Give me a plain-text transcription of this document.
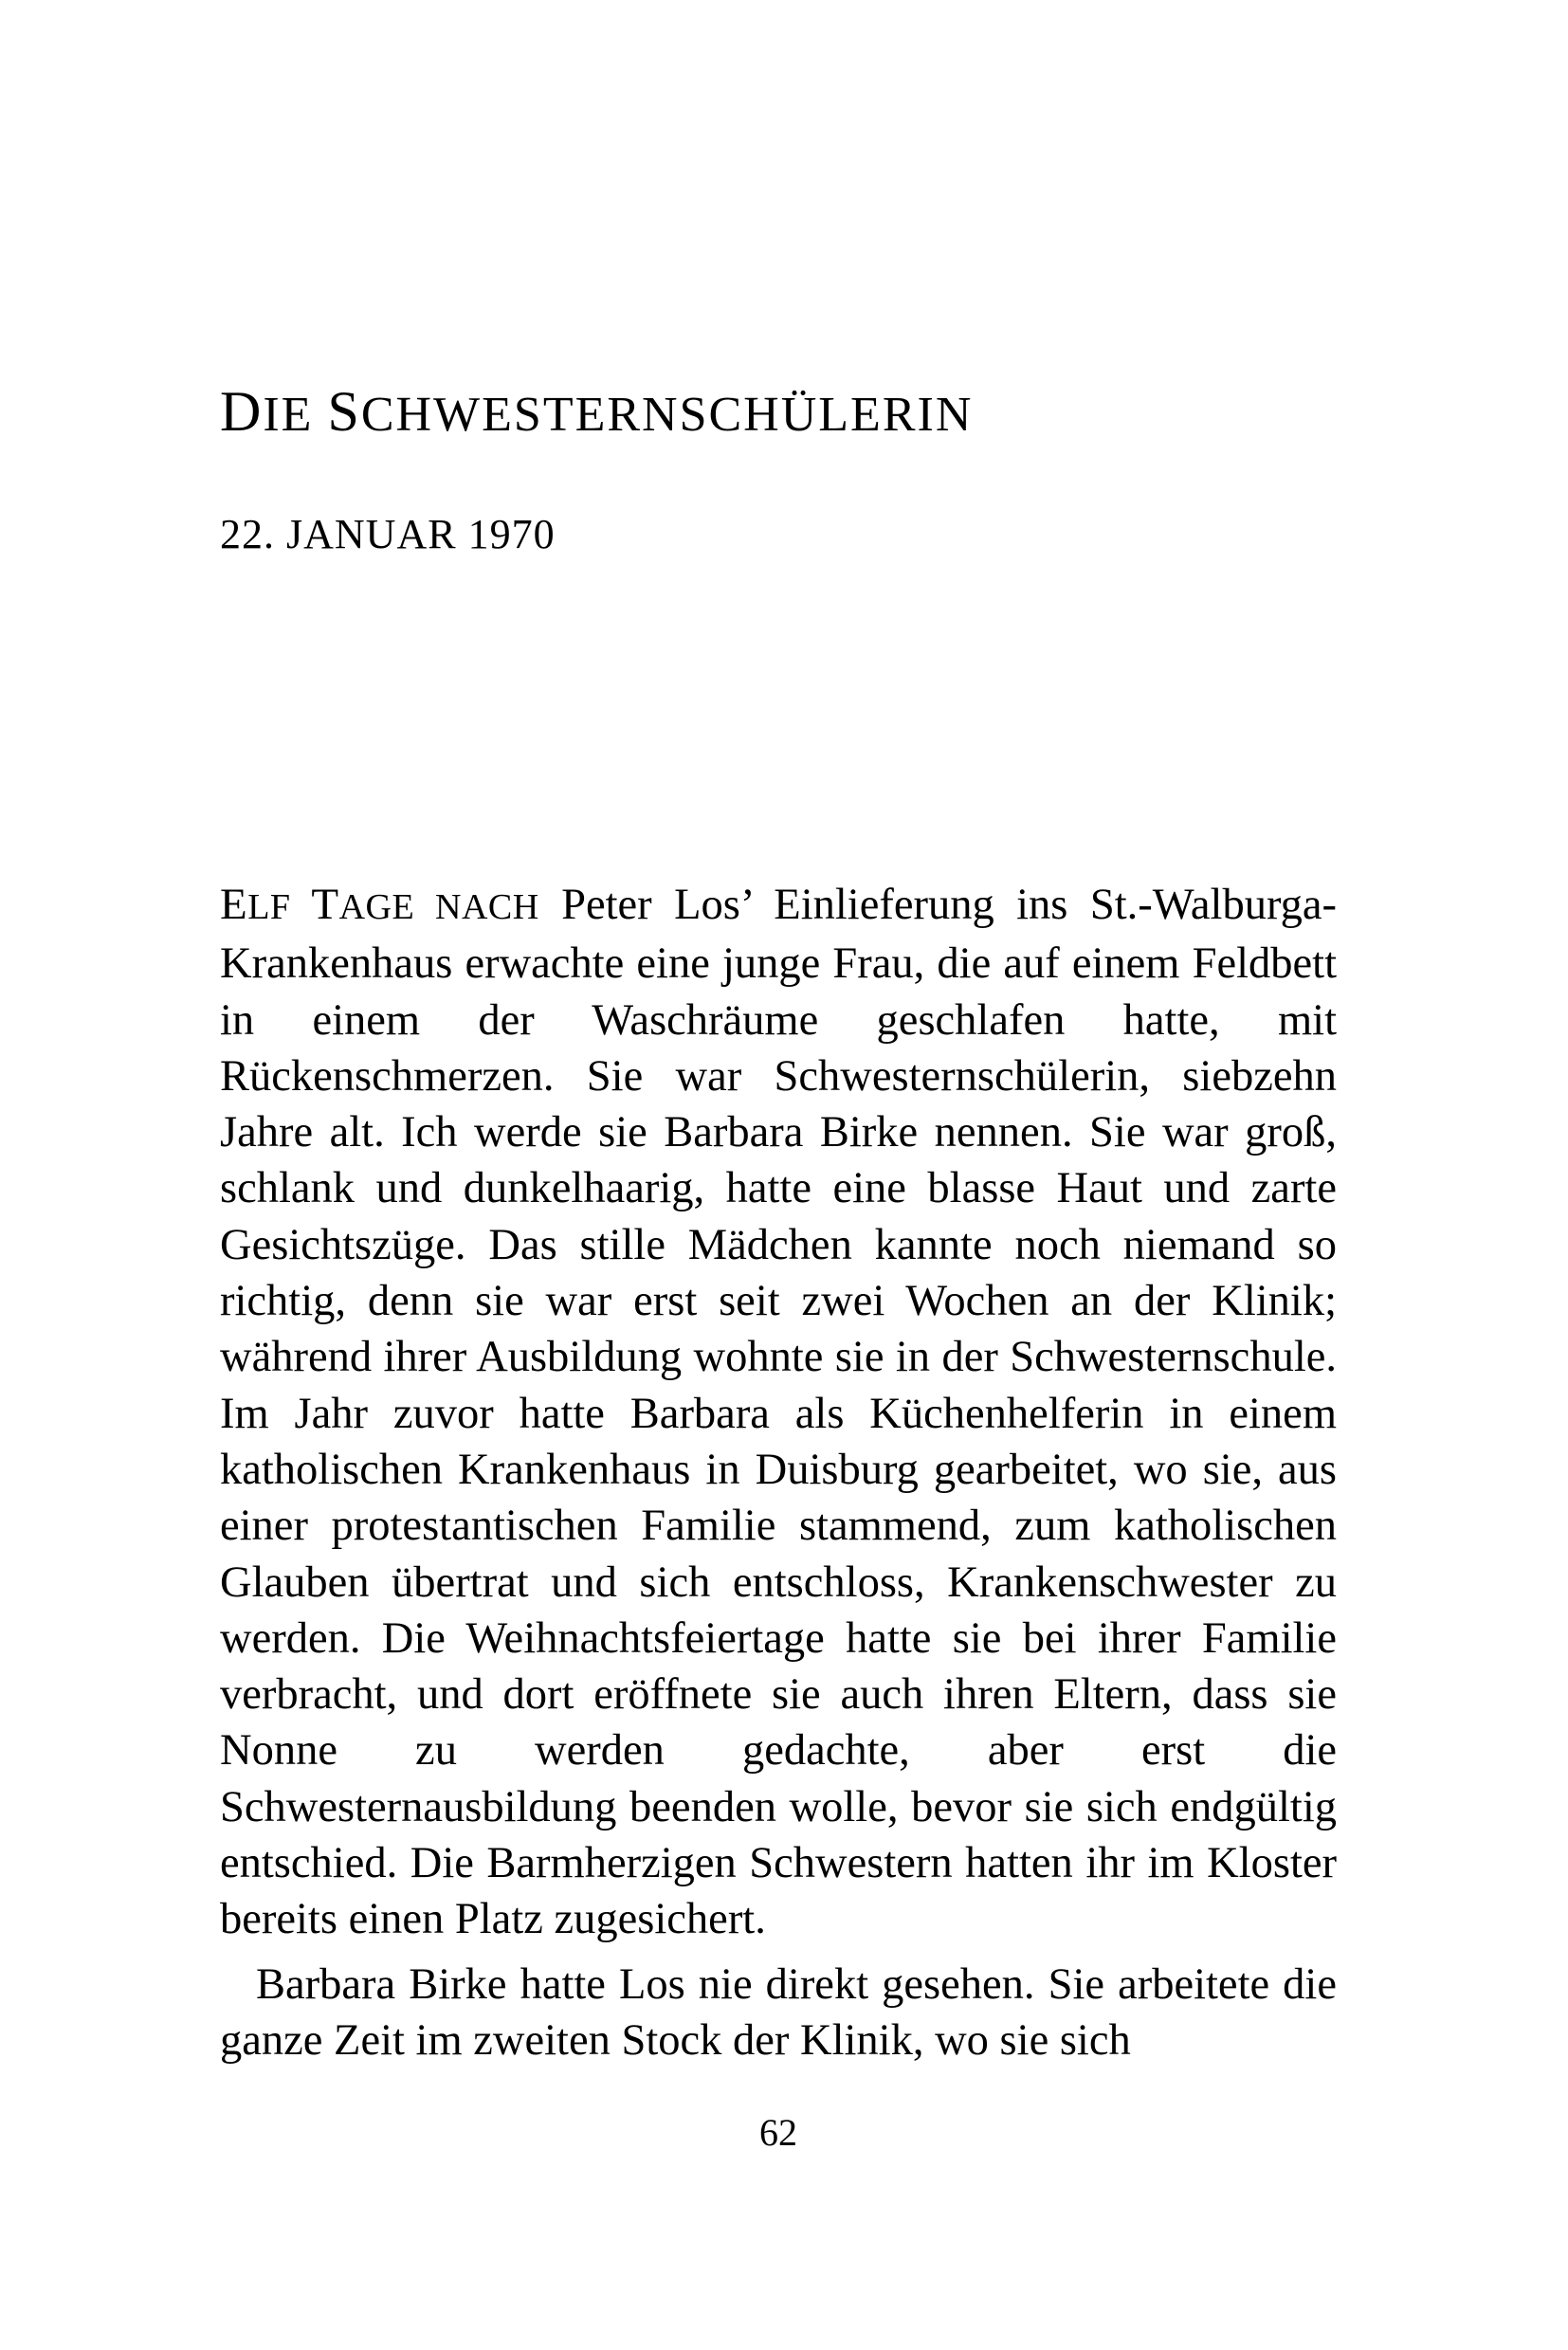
DIE SCHWESTERNSCHÜLERIN
22. JANUAR 1970

ELF TAGE NACH Peter Los’ Einlieferung ins St.-Walburga-Krankenhaus erwachte eine junge Frau, die auf einem Feldbett in einem der Waschräume geschlafen hatte, mit Rückenschmerzen. Sie war Schwesternschülerin, siebzehn Jahre alt. Ich werde sie Barbara Birke nennen. Sie war groß, schlank und dunkelhaarig, hatte eine blasse Haut und zarte Gesichtszüge. Das stille Mädchen kannte noch niemand so richtig, denn sie war erst seit zwei Wochen an der Klinik; während ihrer Ausbildung wohnte sie in der Schwesternschule. Im Jahr zuvor hatte Barbara als Küchenhelferin in einem katholischen Krankenhaus in Duisburg gearbeitet, wo sie, aus einer protestantischen Familie stammend, zum katholischen Glauben übertrat und sich entschloss, Krankenschwester zu werden. Die Weihnachtsfeiertage hatte sie bei ihrer Familie verbracht, und dort eröffnete sie auch ihren Eltern, dass sie Nonne zu werden gedachte, aber erst die Schwesternausbildung beenden wolle, bevor sie sich endgültig entschied. Die Barmherzigen Schwestern hatten ihr im Kloster bereits einen Platz zugesichert.

Barbara Birke hatte Los nie direkt gesehen. Sie arbeitete die ganze Zeit im zweiten Stock der Klinik, wo sie sich

62
